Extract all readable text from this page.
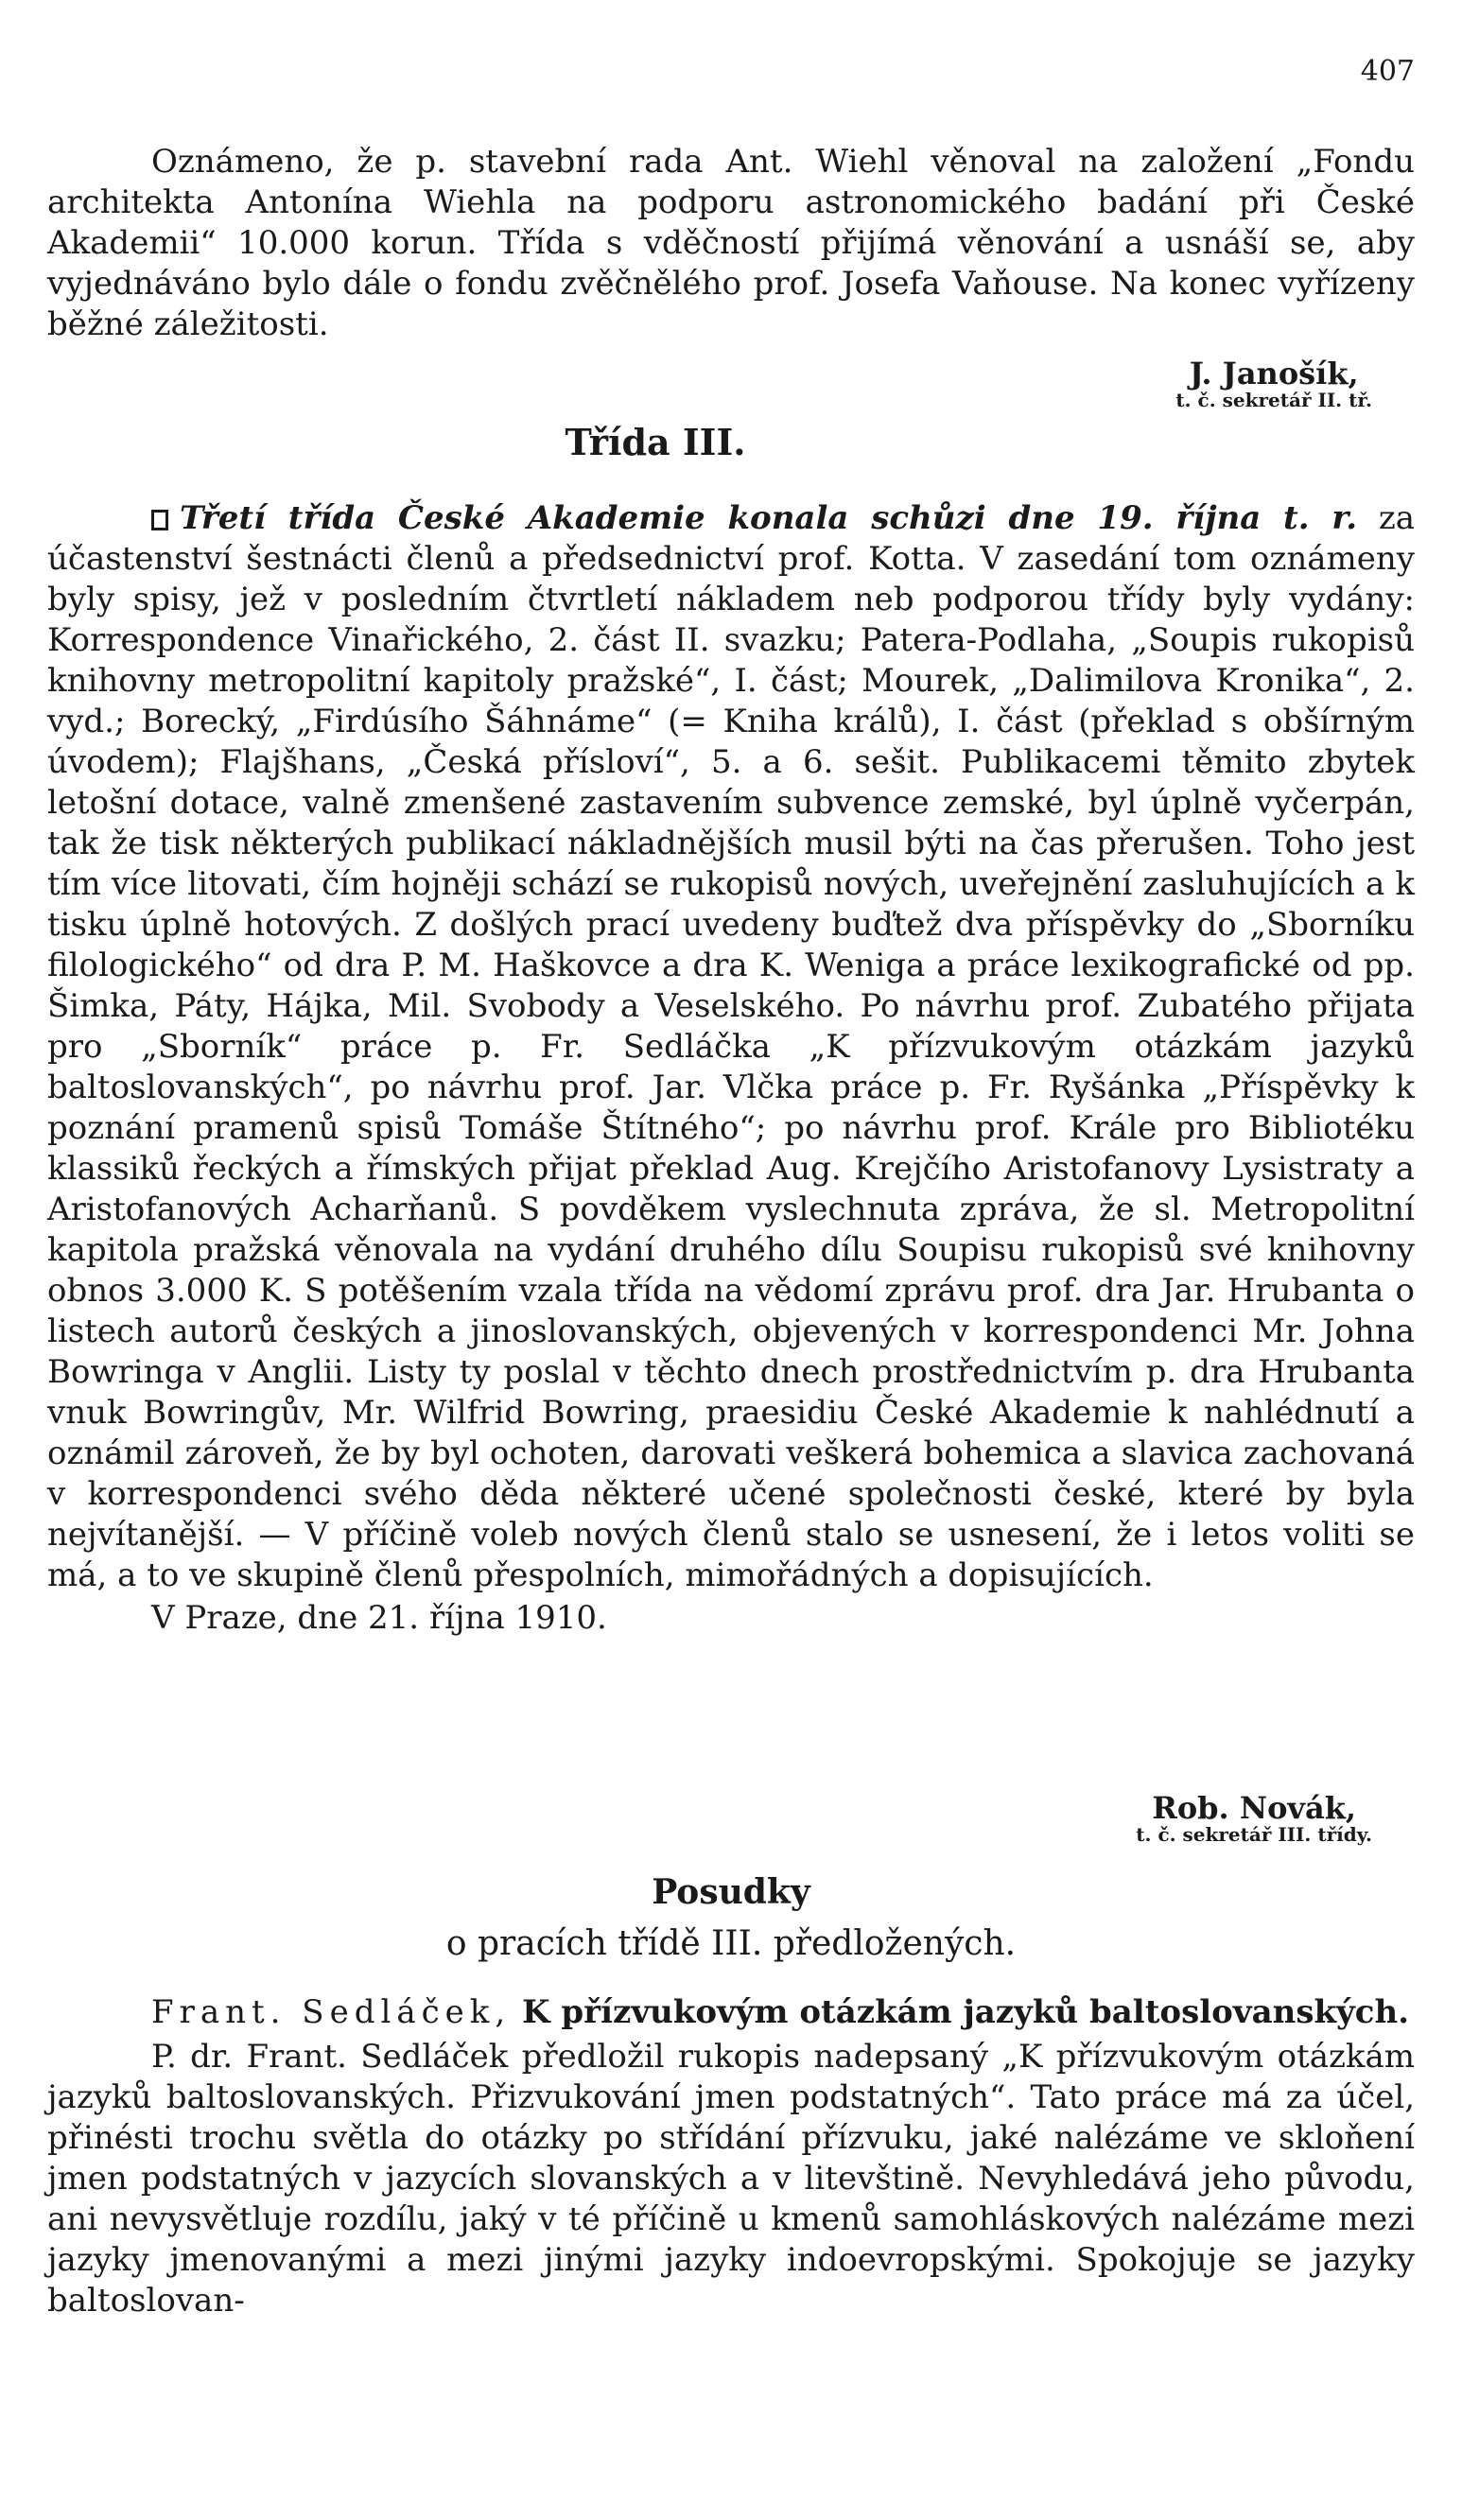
407

Oznámeno, že p. stavební rada Ant. Wiehl věnoval na založení „Fondu architekta Antonína Wiehla na podporu astronomického badání při České Akademii“ 10.000 korun. Třída s vděčností přijímá věnování a usnáší se, aby vyjednáváno bylo dále o fondu zvěčnělého prof. Josefa Vaňouse. Na konec vyřízeny běžné záležitosti.

J. Janošík,
t. č. sekretář II. tř.
Třída III.

Třetí třída České Akademie konala schůzi dne 19. října t. r. za účastenství šestnácti členů a předsednictví prof. Kotta. V zasedání tom oznámeny byly spisy, jež v posledním čtvrtletí nákladem neb podporou třídy byly vydány: Korrespondence Vinařického, 2. část II. svazku; Patera-Podlaha, „Soupis rukopisů knihovny metropolitní kapitoly pražské“, I. část; Mourek, „Dalimilova Kronika“, 2. vyd.; Borecký, „Firdúsího Šáhnáme“ (= Kniha králů), I. část (překlad s obšírným úvodem); Flajšhans, „Česká přísloví“, 5. a 6. sešit. Publikacemi těmito zbytek letošní dotace, valně zmenšené zastavením subvence zemské, byl úplně vyčerpán, tak že tisk některých publikací nákladnějších musil býti na čas přerušen. Toho jest tím více litovati, čím hojněji schází se rukopisů nových, uveřejnění zasluhujících a k tisku úplně hotových. Z došlých prací uvedeny buďtež dva příspěvky do „Sborníku filologického“ od dra P. M. Haškovce a dra K. Weniga a práce lexikografické od pp. Šimka, Páty, Hájka, Mil. Svobody a Veselského. Po návrhu prof. Zubatého přijata pro „Sborník“ práce p. Fr. Sedláčka „K přízvukovým otázkám jazyků baltoslovanských“, po návrhu prof. Jar. Vlčka práce p. Fr. Ryšánka „Příspěvky k poznání pramenů spisů Tomáše Štítného“; po návrhu prof. Krále pro Bibliotéku klassiků řeckých a římských přijat překlad Aug. Krejčího Aristofanovy Lysistraty a Aristofanových Acharňanů. S povděkem vyslechnuta zpráva, že sl. Metropolitní kapitola pražská věnovala na vydání druhého dílu Soupisu rukopisů své knihovny obnos 3.000 K. S potěšením vzala třída na vědomí zprávu prof. dra Jar. Hrubanta o listech autorů českých a jinoslovanských, objevených v korrespondenci Mr. Johna Bowringa v Anglii. Listy ty poslal v těchto dnech prostřednictvím p. dra Hrubanta vnuk Bowringův, Mr. Wilfrid Bowring, praesidiu České Akademie k nahlédnutí a oznámil zároveň, že by byl ochoten, darovati veškerá bohemica a slavica zachovaná v korrespondenci svého děda některé učené společnosti české, které by byla nejvítanější. — V příčině voleb nových členů stalo se usnesení, že i letos voliti se má, a to ve skupině členů přespolních, mimořádných a dopisujících.

V Praze, dne 21. října 1910.

Rob. Novák,
t. č. sekretář III. třídy.
Posudky
o pracích třídě III. předložených.

Frant. Sedláček, K přízvukovým otázkám jazyků baltoslovanských.

P. dr. Frant. Sedláček předložil rukopis nadepsaný „K přízvukovým otázkám jazyků baltoslovanských. Přizvukování jmen podstatných“. Tato práce má za účel, přinésti trochu světla do otázky po střídání přízvuku, jaké nalézáme ve skloňení jmen podstatných v jazycích slovanských a v litevštině. Nevyhledává jeho původu, ani nevysvětluje rozdílu, jaký v té příčině u kmenů samohláskových nalézáme mezi jazyky jmenovanými a mezi jinými jazyky indoevropskými. Spokojuje se jazyky baltoslovan-
